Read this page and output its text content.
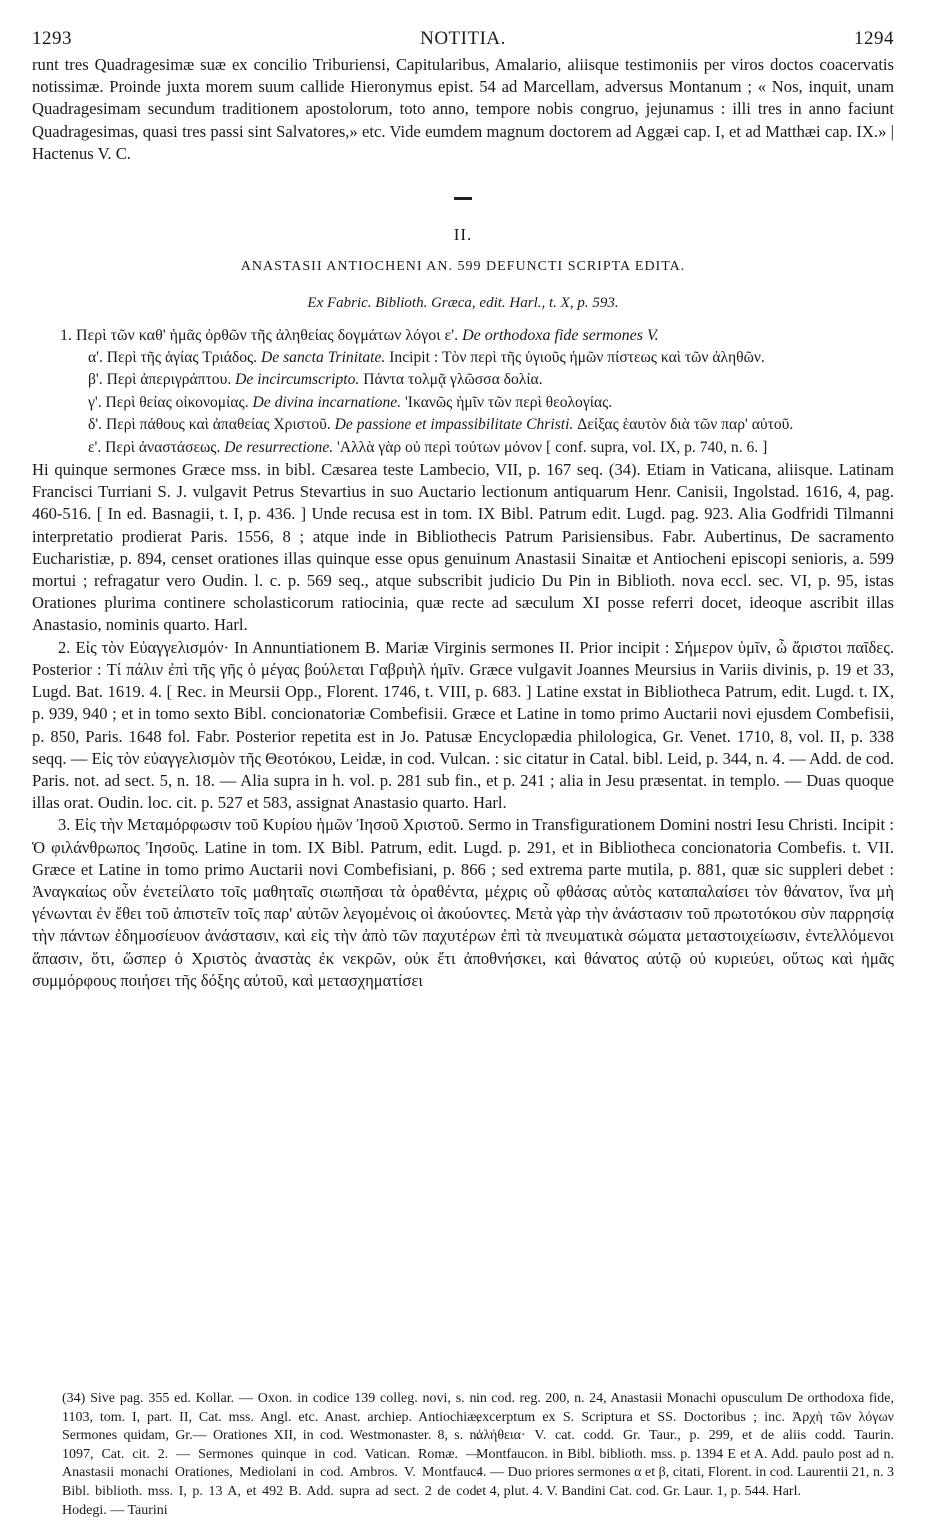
1293	NOTITIA.	1294

runt tres Quadragesimæ suæ ex concilio Triburiensi, Capitularibus, Amalario, aliisque testimoniis per viros doctos coacervatis notissimæ. Proinde juxta morem suum callide Hieronymus epist. 54 ad Marcellam, adversus Montanum ; « Nos, inquit, unam Quadragesimam secundum traditionem apostolorum, toto anno, tempore nobis congruo, jejunamus : illi tres in anno faciunt Quadragesimas, quasi tres passi sint Salvatores,» etc. Vide eumdem magnum doctorem ad Aggæi cap. I, et ad Matthæi cap. IX.» | Hactenus V. C.

II.
ANASTASII ANTIOCHENI AN. 599 DEFUNCTI SCRIPTA EDITA.
Ex Fabric. Biblioth. Græca, edit. Harl., t. X, p. 593.
1. Περὶ τῶν καθ' ἡμᾶς ὀρθῶν τῆς ἀληθείας δογμάτων λόγοι ε'. De orthodoxa fide sermones V.
α'. Περὶ τῆς ἁγίας Τριάδος. De sancta Trinitate. Incipit : Τὸν περὶ τῆς ὑγιοῦς ἡμῶν πίστεως καὶ τῶν ἀληθῶν.
β'. Περὶ ἀπεριγράπτου. De incircumscripto. Πάντα τολμᾷ γλῶσσα δολία.
γ'. Περὶ θείας οἰκονομίας. De divina incarnatione. 'Ικανῶς ἡμῖν τῶν περὶ θεολογίας.
δ'. Περὶ πάθους καὶ ἀπαθείας Χριστοῦ. De passione et impassibilitate Christi. Δείξας ἑαυτὸν διὰ τῶν παρ' αὐτοῦ.
ε'. Περὶ ἀναστάσεως. De resurrectione. 'Αλλὰ γὰρ οὐ περὶ τούτων μόνον [ conf. supra, vol. IX, p. 740, n. 6. ]

Hi quinque sermones Græce mss. in bibl. Cæsarea teste Lambecio, VII, p. 167 seq. (34). Etiam in Vaticana, aliisque. Latinam Francisci Turriani S. J. vulgavit Petrus Stevartius in suo Auctario lectionum antiquarum Henr. Canisii, Ingolstad. 1616, 4, pag. 460-516. [ In ed. Basnagii, t. I, p. 436. ] Unde recusa est in tom. IX Bibl. Patrum edit. Lugd. pag. 923. Alia Godfridi Tilmanni interpretatio prodierat Paris. 1556, 8 ; atque inde in Bibliothecis Patrum Parisiensibus. Fabr. Aubertinus, De sacramento Eucharistiæ, p. 894, censet orationes illas quinque esse opus genuinum Anastasii Sinaitæ et Antiocheni episcopi senioris, a. 599 mortui ; refragatur vero Oudin. l. c. p. 569 seq., atque subscribit judicio Du Pin in Biblioth. nova eccl. sec. VI, p. 95, istas Orationes plurima continere scholasticorum ratiocinia, quæ recte ad sæculum XI posse referri docet, ideoque ascribit illas Anastasio, nominis quarto. Harl.

2. Εἰς τὸν Εὐαγγελισμόν· In Annuntiationem B. Mariæ Virginis sermones II. Prior incipit : Σήμερον ὑμῖν, ὦ ἄριστοι παῖδες. Posterior : Τί πάλιν ἐπὶ τῆς γῆς ὁ μέγας βούλεται Γαβριὴλ ἡμῖν. Græce vulgavit Joannes Meursius in Variis divinis, p. 19 et 33, Lugd. Bat. 1619. 4. [ Rec. in Meursii Opp., Florent. 1746, t. VIII, p. 683. ] Latine exstat in Bibliotheca Patrum, edit. Lugd. t. IX, p. 939, 940 ; et in tomo sexto Bibl. concionatoriæ Combefisii. Græce et Latine in tomo primo Auctarii novi ejusdem Combefisii, p. 850, Paris. 1648 fol. Fabr. Posterior repetita est in Jo. Patusæ Encyclopædia philologica, Gr. Venet. 1710, 8, vol. II, p. 338 seqq. — Εἰς τὸν εὐαγγελισμὸν τῆς Θεοτόκου, Leidæ, in cod. Vulcan. : sic citatur in Catal. bibl. Leid, p. 344, n. 4. — Add. de cod. Paris. not. ad sect. 5, n. 18. — Alia supra in h. vol. p. 281 sub fin., et p. 241 ; alia in Jesu præsentat. in templo. — Duas quoque illas orat. Oudin. loc. cit. p. 527 et 583, assignat Anastasio quarto. Harl.

3. Εἰς τὴν Μεταμόρφωσιν τοῦ Κυρίου ἡμῶν Ἰησοῦ Χριστοῦ. Sermo in Transfigurationem Domini nostri Iesu Christi. Incipit : Ὁ φιλάνθρωπος Ἰησοῦς. Latine in tom. IX Bibl. Patrum, edit. Lugd. p. 291, et in Bibliotheca concionatoria Combefis. t. VII. Græce et Latine in tomo primo Auctarii novi Combefisiani, p. 866 ; sed extrema parte mutila, p. 881, quæ sic suppleri debet : Ἀναγκαίως οὖν ἐνετείλατο τοῖς μαθηταῖς σιωπῆσαι τὰ ὁραθέντα, μέχρις οὗ φθάσας αὐτὸς καταπαλαίσει τὸν θάνατον, ἵνα μὴ γένωνται ἐν ἔθει τοῦ ἀπιστεῖν τοῖς παρ' αὐτῶν λεγομένοις οἱ ἀκούοντες. Μετὰ γὰρ τὴν ἀνάστασιν τοῦ πρωτοτόκου σὺν παρρησίᾳ τὴν πάντων ἐδημοσίευον ἀνάστασιν, καὶ εἰς τὴν ἀπὸ τῶν παχυτέρων ἐπὶ τὰ πνευματικὰ σώματα μεταστοιχείωσιν, ἐντελλόμενοι ἅπασιν, ὅτι, ὥσπερ ὁ Χριστὸς ἀναστὰς ἐκ νεκρῶν, οὐκ ἔτι ἀποθνήσκει, καὶ θάνατος αὐτῷ οὐ κυριεύει, οὕτως καὶ ἡμᾶς συμμόρφους ποιήσει τῆς δόξης αὐτοῦ, καὶ μετασχηματίσει

(34) Sive pag. 355 ed. Kollar. — Oxon. in codice 139 colleg. novi, s. n. 1103, tom. I, part. II, Cat. mss. Angl. etc. Anast. archiep. Antiochiæ, Sermones quidam, Gr.— Orationes XII, in cod. Westmonaster. 8, s. n. 1097, Cat. cit. 2. — Sermones quinque in cod. Vatican. Romæ. — Anastasii monachi Orationes, Mediolani in cod. Ambros. V. Montfauc. Bibl. biblioth. mss. I, p. 13 A, et 492 B. Add. supra ad sect. 2 de cod. Hodegi. — Taurini
in cod. reg. 200, n. 24, Anastasii Monachi opusculum De orthodoxa fide, excerptum ex S. Scriptura et SS. Doctoribus ; inc. Ἀρχὴ τῶν λόγων ἀλήθεια· V. cat. codd. Gr. Taur., p. 299, et de aliis codd. Taurin. Montfaucon. in Bibl. biblioth. mss. p. 1394 E et A. Add. paulo post ad n. 4. — Duo priores sermones α et β, citati, Florent. in cod. Laurentii 21, n. 3 et 4, plut. 4. V. Bandini Cat. cod. Gr. Laur. 1, p. 544. Harl.
